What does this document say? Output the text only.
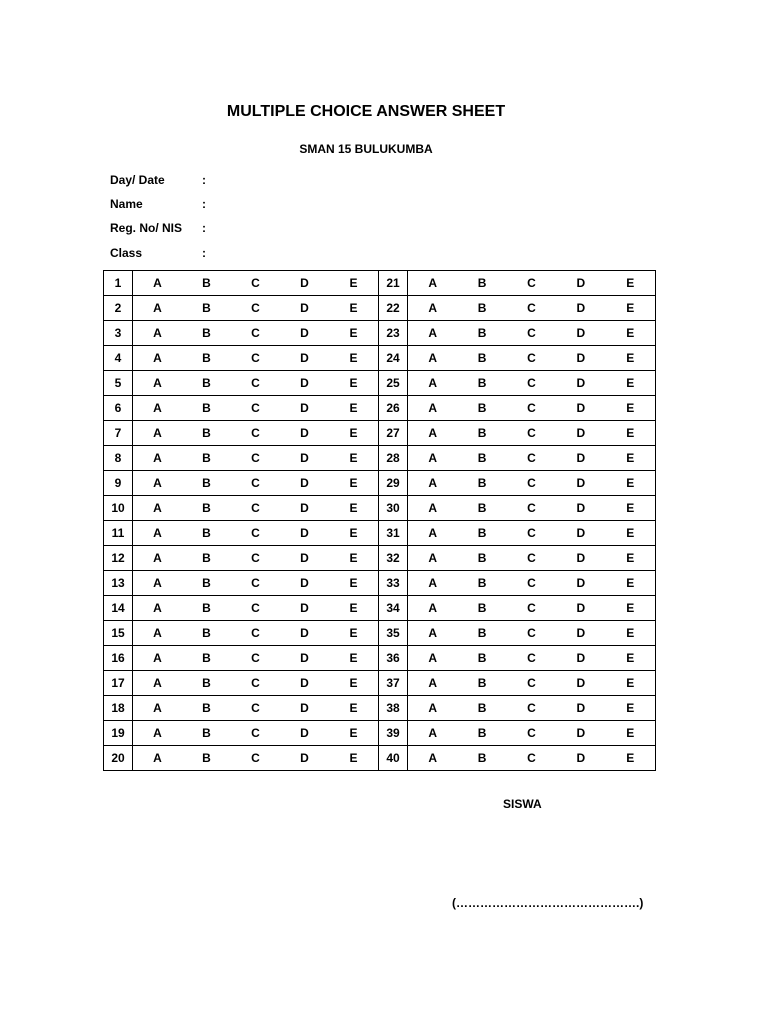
MULTIPLE CHOICE ANSWER SHEET
SMAN 15 BULUKUMBA
Day/ Date	:
Name	:
Reg. No/ NIS :
Class	:
1	A B C D E	21	A B C D E

2	A B C D E	22	A B C D E

3	A B C D E	23	A B C D E

4	A B C D E	24	A B C D E

5	A B C D E	25	A B C D E

6	A B C D E	26	A B C D E

7	A B C D E	27	A B C D E

8	A B C D E	28	A B C D E

9	A B C D E	29	A B C D E

10	A B C D E	30	A B C D E

11	A B C D E	31	A B C D E

12	A B C D E	32	A B C D E

13	A B C D E	33	A B C D E

14	A B C D E	34	A B C D E

15	A B C D E	35	A B C D E

16	A B C D E	36	A B C D E

17	A B C D E	37	A B C D E

18	A B C D E	38	A B C D E

19	A B C D E	39	A B C D E

20	A B C D E	40	A B C D E
SISWA
(……………………………………….)
